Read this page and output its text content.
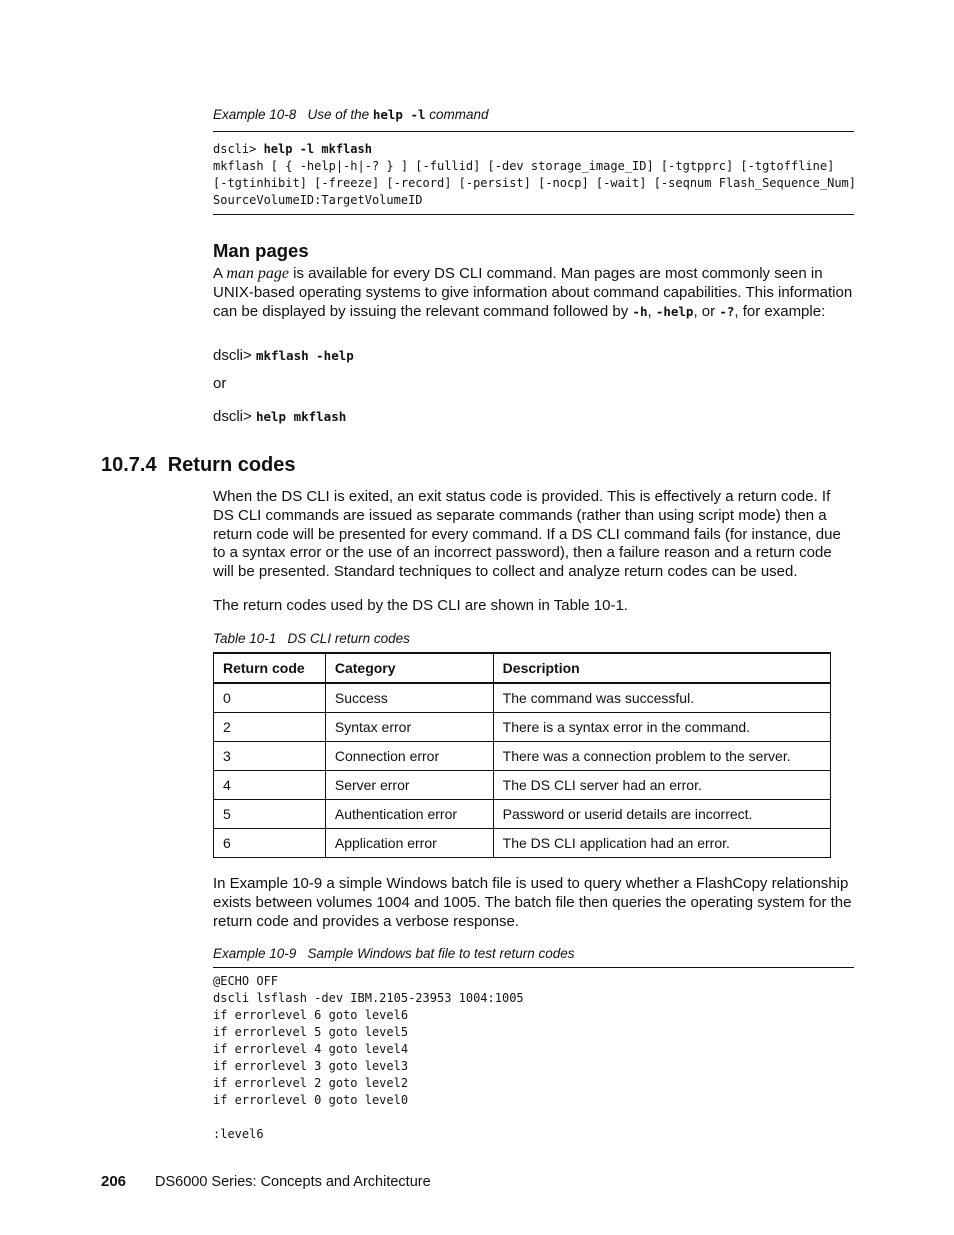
Example 10-8   Use of the help -l command
dscli> help -l mkflash
mkflash [ { -help|-h|-? } ] [-fullid] [-dev storage_image_ID] [-tgtpprc] [-tgtoffline]
[-tgtinhibit] [-freeze] [-record] [-persist] [-nocp] [-wait] [-seqnum Flash_Sequence_Num]
SourceVolumeID:TargetVolumeID
Man pages
A man page is available for every DS CLI command. Man pages are most commonly seen in UNIX-based operating systems to give information about command capabilities. This information can be displayed by issuing the relevant command followed by -h, -help, or -?, for example:
dscli> mkflash -help
or
dscli> help mkflash
10.7.4  Return codes
When the DS CLI is exited, an exit status code is provided. This is effectively a return code. If DS CLI commands are issued as separate commands (rather than using script mode) then a return code will be presented for every command. If a DS CLI command fails (for instance, due to a syntax error or the use of an incorrect password), then a failure reason and a return code will be presented. Standard techniques to collect and analyze return codes can be used.
The return codes used by the DS CLI are shown in Table 10-1.
Table 10-1   DS CLI return codes
Return code	Category	Description
0	Success	The command was successful.
2	Syntax error	There is a syntax error in the command.
3	Connection error	There was a connection problem to the server.
4	Server error	The DS CLI server had an error.
5	Authentication error	Password or userid details are incorrect.
6	Application error	The DS CLI application had an error.
In Example 10-9 a simple Windows batch file is used to query whether a FlashCopy relationship exists between volumes 1004 and 1005. The batch file then queries the operating system for the return code and provides a verbose response.
Example 10-9   Sample Windows bat file to test return codes
@ECHO OFF
dscli lsflash -dev IBM.2105-23953 1004:1005
if errorlevel 6 goto level6
if errorlevel 5 goto level5
if errorlevel 4 goto level4
if errorlevel 3 goto level3
if errorlevel 2 goto level2
if errorlevel 0 goto level0
:level6
206 DS6000 Series: Concepts and Architecture
